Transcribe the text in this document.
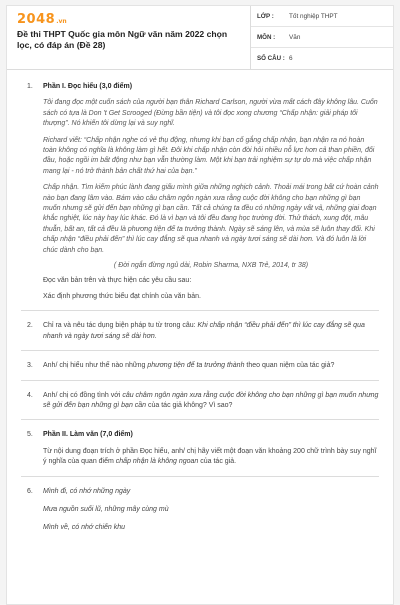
2048 .vn
Đề thi THPT Quốc gia môn Ngữ văn năm 2022 chọn lọc, có đáp án (Đề 28)
LỚP :	Tốt nghiệp THPT
MÔN :	Văn
SỐ CÂU : 6
1.	Phần I. Đọc hiểu (3,0 điểm)
Tôi đang đọc một cuốn sách của người bạn thân Richard Carlson, người vừa mất cách đây không lâu. Cuốn sách có tựa là Don 't Get Scrooged (Đừng bần tiện) và tôi đọc xong chương “Chấp nhận: giải pháp tối thượng”. Nó khiến tôi dừng lại và suy nghĩ.
Richard viết: “Chấp nhận nghe có vẻ thụ động, nhưng khi bạn cố gắng chấp nhận, bạn nhận ra nó hoàn toàn không có nghĩa là không làm gì hết. Đôi khi chấp nhận còn đòi hỏi nhiều nỗ lực hơn cả than phiền, đối đầu, hoặc ngồi im bất động như bạn vẫn thường làm. Một khi bạn trải nghiệm sự tự do mà việc chấp nhận mang lại - nó trở thành bản chất thứ hai của bạn.”
Chấp nhận. Tìm kiếm phúc lành đang giấu mình giữa những nghịch cảnh. Thoải mái trong bất cứ hoàn cảnh nào bạn đang lâm vào. Bám vào câu châm ngôn ngàn xưa rằng cuộc đời không cho bạn những gì bạn muốn nhưng sẽ gửi đến bạn những gì bạn cần. Tất cả chúng ta đều có những ngày vất vả, những giai đoạn khắc nghiệt, lúc này hay lúc khác. Đó là vì bạn và tôi đều đang học trường đời. Thử thách, xung đột, mâu thuẫn, bất an, tất cả đều là phương tiện để ta trưởng thành. Ngày sẽ sáng lên, và mùa sẽ luôn thay đổi. Khi chấp nhận “điều phải đến” thì lúc cay đắng sẽ qua nhanh và ngày tươi sáng sẽ dài hơn. Và đó luôn là lời chúc dành cho bạn.
( Đời ngắn đừng ngủ dài, Robin Sharma, NXB Trẻ, 2014, tr 38)
Đọc văn bản trên và thực hiện các yêu cầu sau:
Xác định phương thức biểu đạt chính của văn bản.
2.	Chỉ ra và nêu tác dụng biện pháp tu từ trong câu: Khi chấp nhận “điều phải đến” thì lúc cay đắng sẽ qua nhanh và ngày tươi sáng sẽ dài hơn.
3.	Anh/ chị hiểu như thế nào những phương tiện để ta trưởng thành theo quan niệm của tác giả?
4.	Anh/ chị có đồng tình với câu châm ngôn ngàn xưa rằng cuộc đời không cho bạn những gì bạn muốn nhưng sẽ gửi đến bạn những gì bạn cần của tác giả không? Vì sao?
5.	Phần II. Làm văn (7,0 điểm)
Từ nội dung đoạn trích ở phần Đọc hiểu, anh/ chị hãy viết một đoạn văn khoảng 200 chữ trình bày suy nghĩ ý nghĩa của quan điểm chấp nhận là không ngoan của tác giả.
6.	Mình đi, có nhớ những ngày
Mưa nguồn suối lũ, những mây cùng mù
Mình về, có nhớ chiến khu
